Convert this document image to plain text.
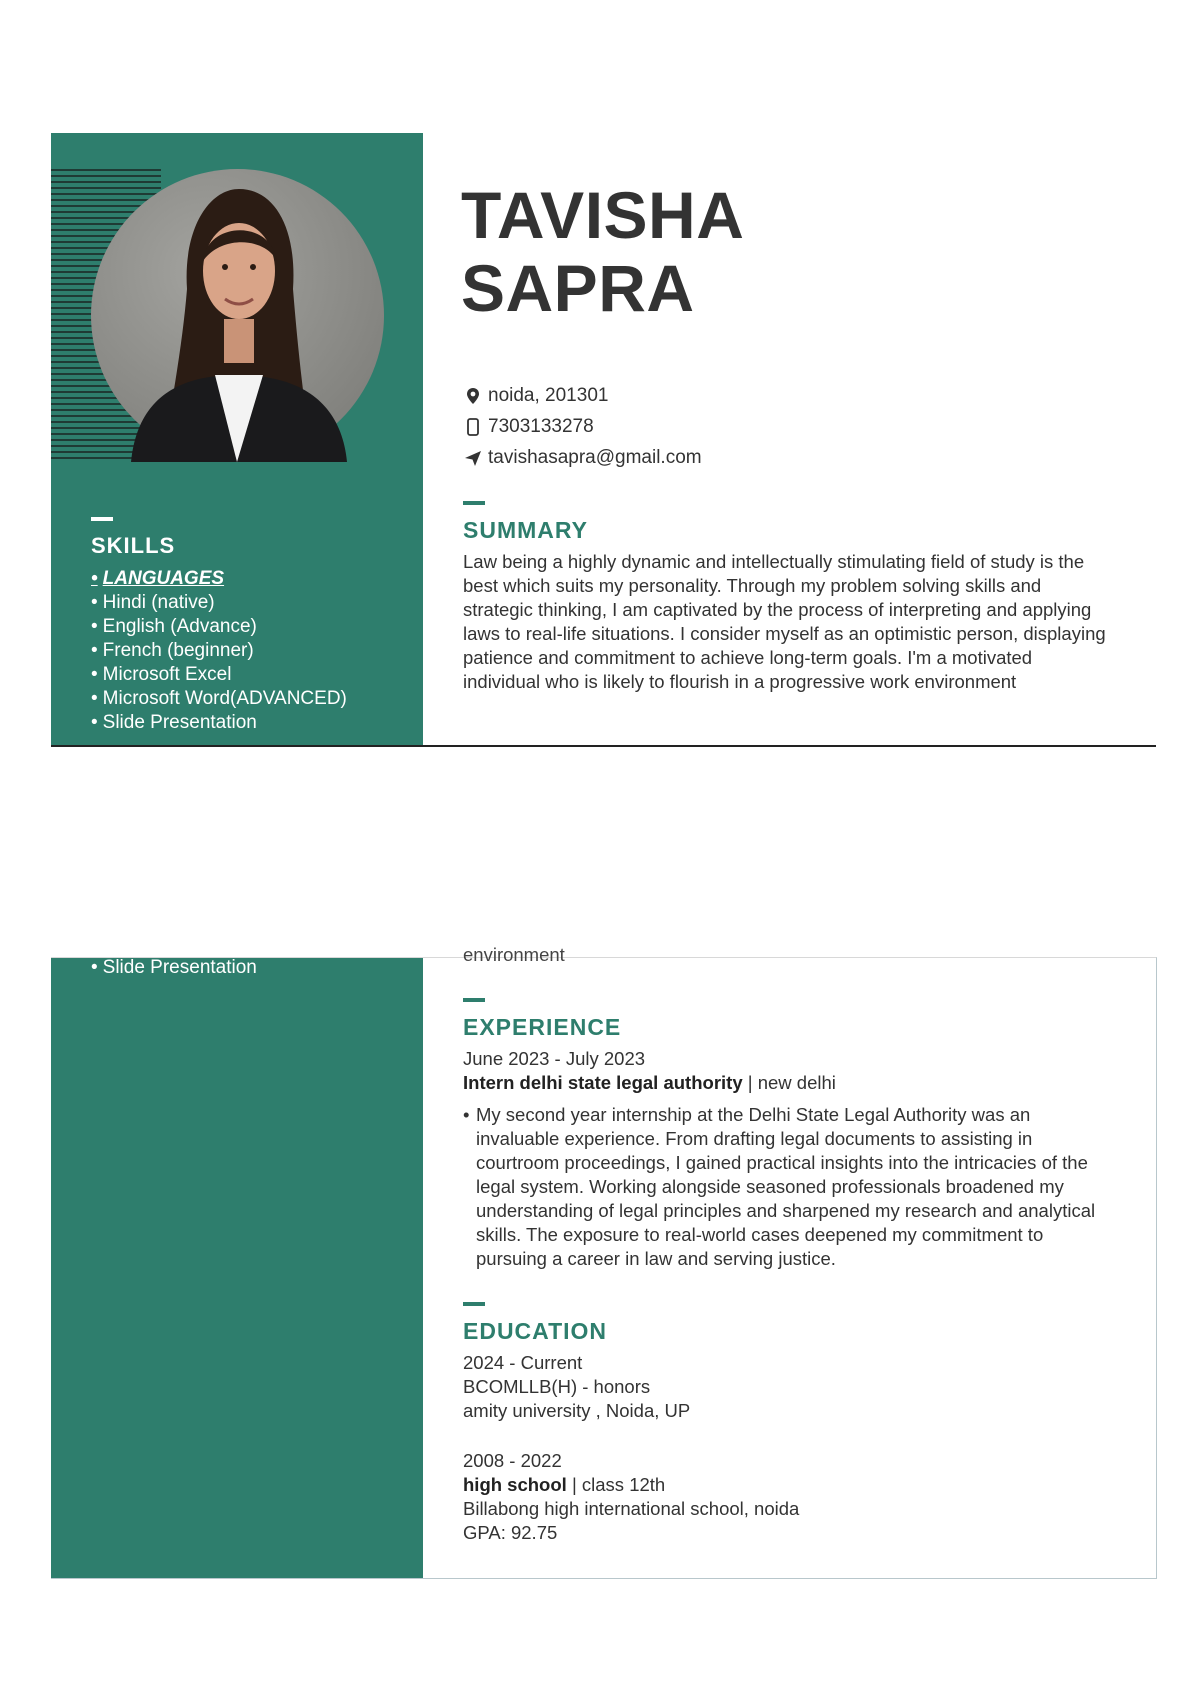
SKILLS
• LANGUAGES
• Hindi (native)
• English (Advance)
• French (beginner)
• Microsoft Excel
• Microsoft Word(ADVANCED)
• Slide Presentation
TAVISHA
SAPRA
noida, 201301
7303133278
tavishasapra@gmail.com
SUMMARY

Law being a highly dynamic and intellectually stimulating field of study is the best which suits my personality. Through my problem solving skills and strategic thinking, I am captivated by the process of interpreting and applying laws to real-life situations. I consider myself as an optimistic person, displaying patience and commitment to achieve long-term goals. I'm a motivated individual who is likely to flourish in a progressive work environment

• Slide Presentation
environment
EXPERIENCE
June 2023 - July 2023
Intern delhi state legal authority | new delhi
• My second year internship at the Delhi State Legal Authority was an invaluable experience. From drafting legal documents to assisting in courtroom proceedings, I gained practical insights into the intricacies of the legal system. Working alongside seasoned professionals broadened my understanding of legal principles and sharpened my research and analytical skills. The exposure to real-world cases deepened my commitment to pursuing a career in law and serving justice.
EDUCATION
2024 - Current
BCOMLLB(H) - honors
amity university , Noida, UP
2008 - 2022
high school | class 12th
Billabong high international school, noida
GPA: 92.75
